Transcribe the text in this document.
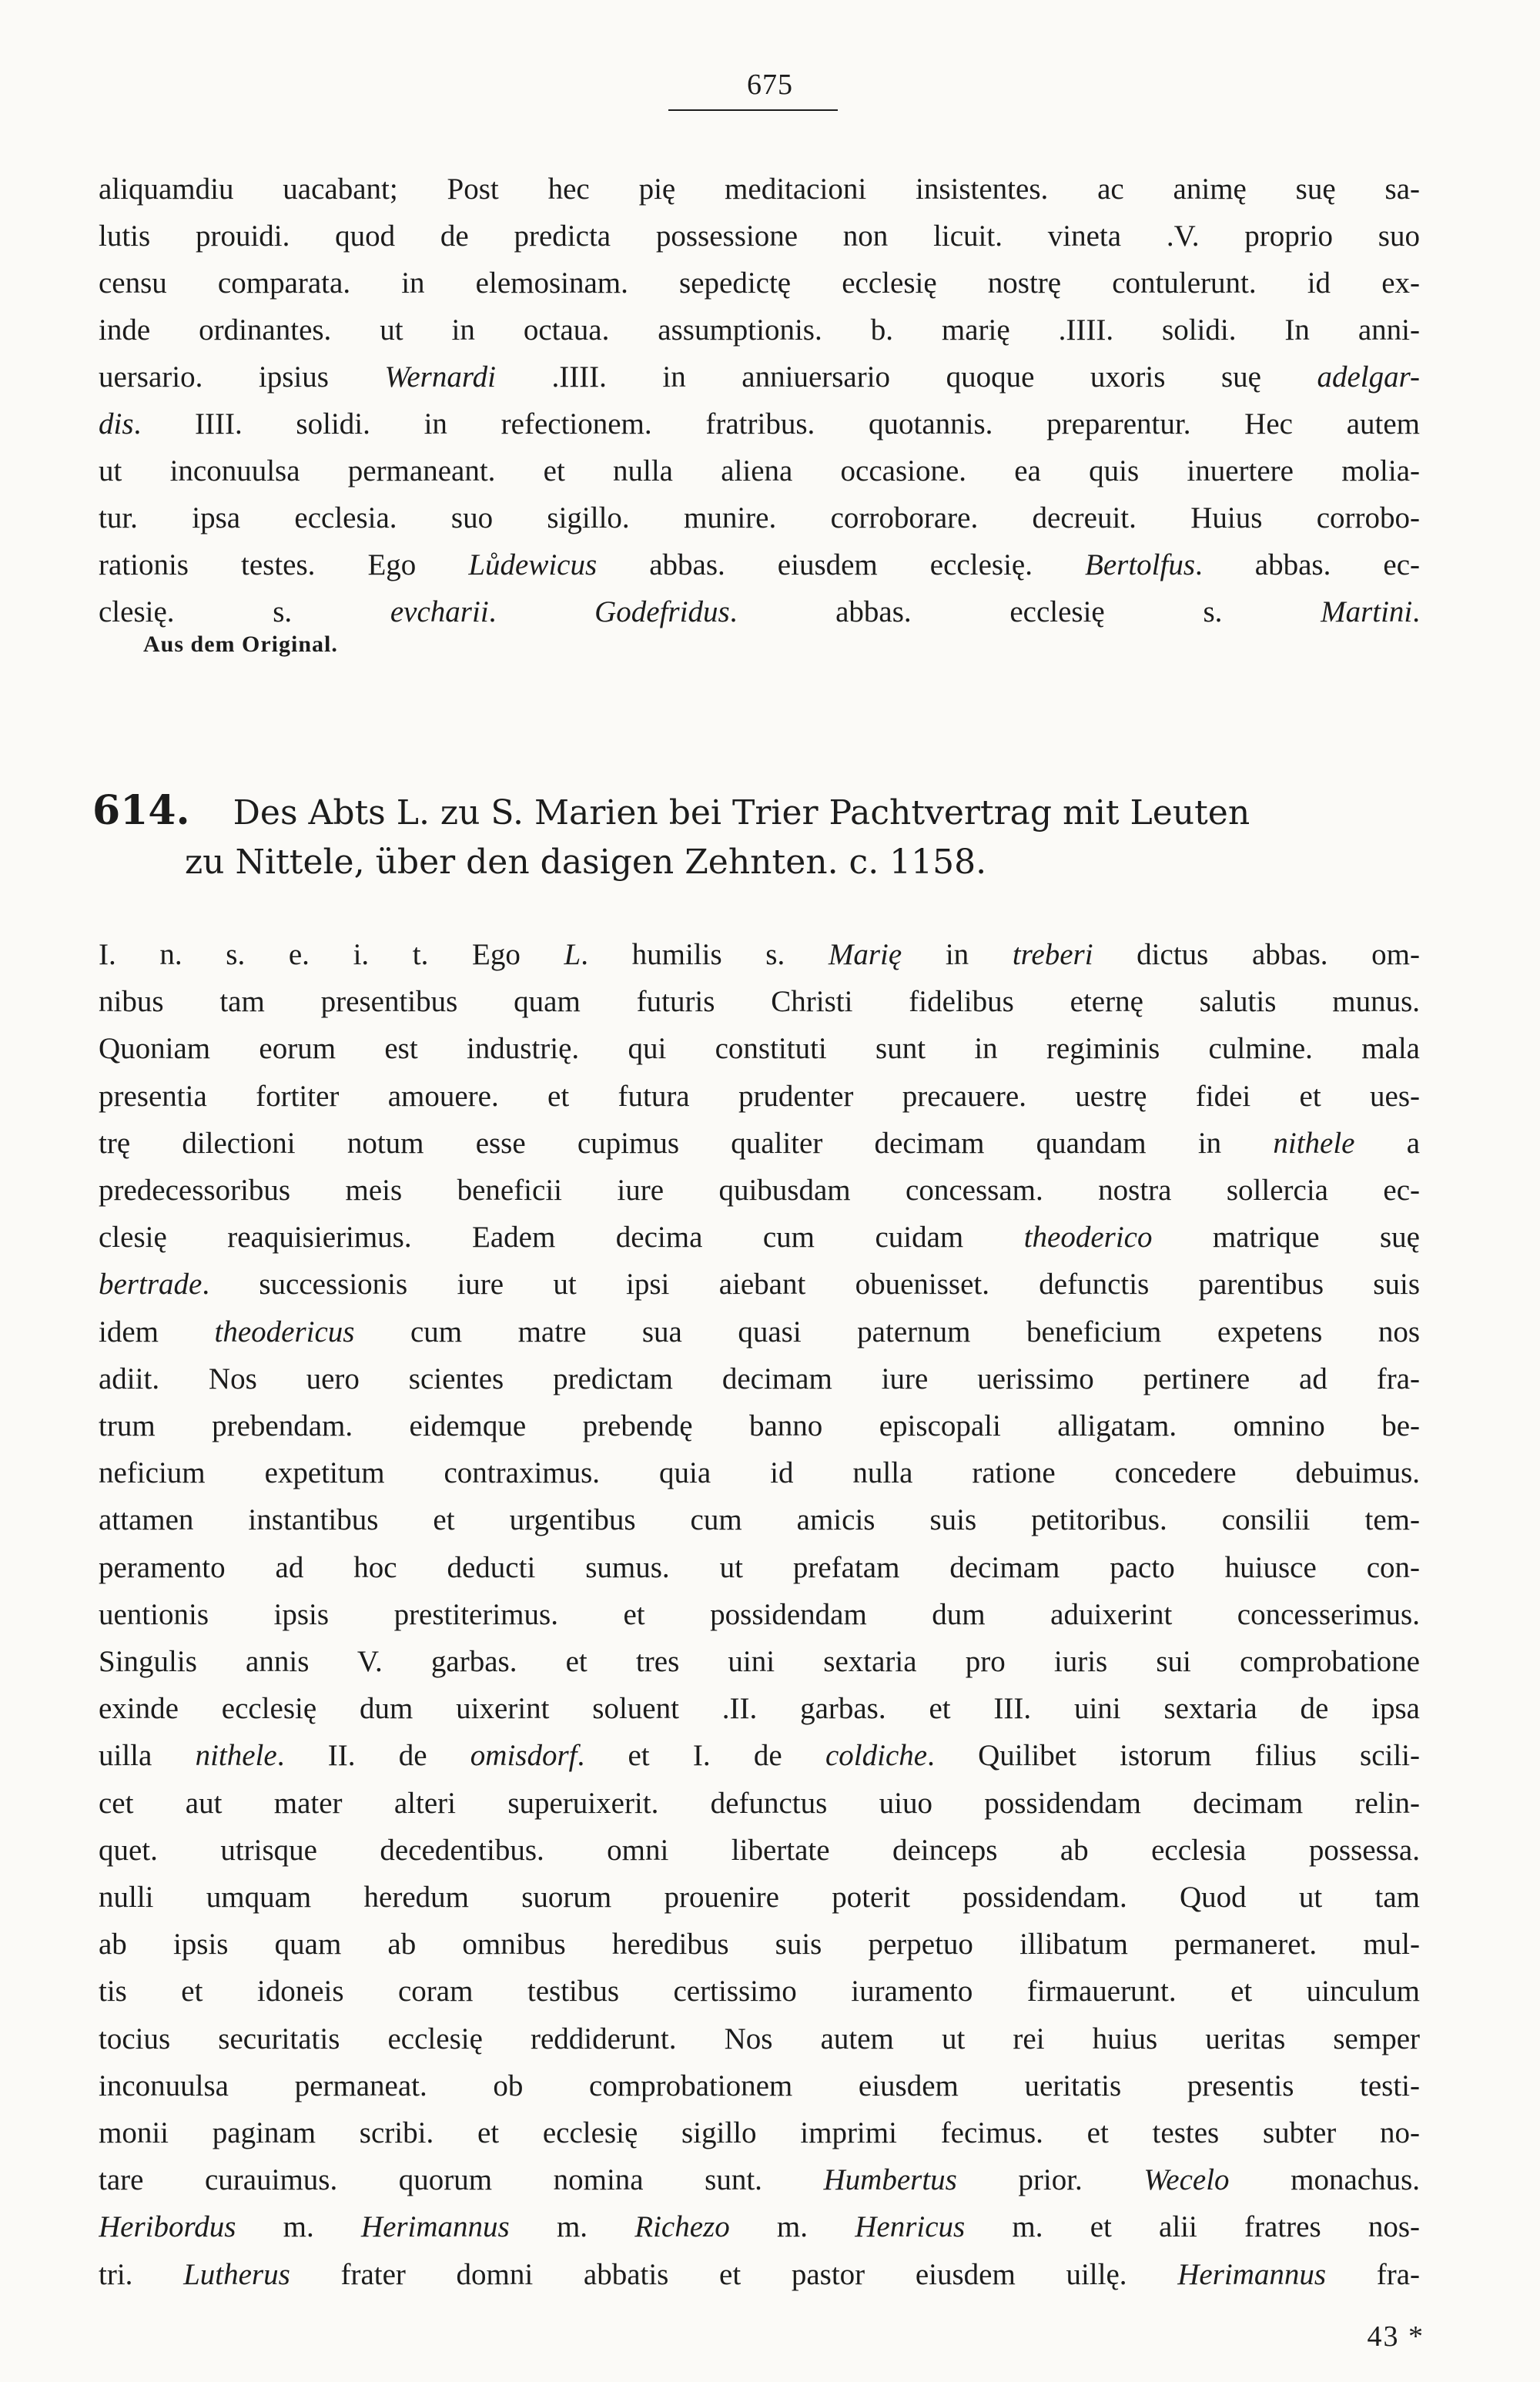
675
aliquamdiu uacabant; Post hec pię meditacioni insistentes. ac animę suę sa-
lutis prouidi. quod de predicta possessione non licuit. vineta .V. proprio suo
censu comparata. in elemosinam. sepedictę ecclesię nostrę contulerunt. id ex-
inde ordinantes. ut in octaua. assumptionis. b. marię .IIII. solidi. In anni-
uersario. ipsius Wernardi .IIII. in anniuersario quoque uxoris suę adelgar-
dis. IIII. solidi. in refectionem. fratribus. quotannis. preparentur. Hec autem
ut inconuulsa permaneant. et nulla aliena occasione. ea quis inuertere molia-
tur. ipsa ecclesia. suo sigillo. munire. corroborare. decreuit. Huius corrobo-
rationis testes. Ego Lůdewicus abbas. eiusdem ecclesię. Bertolfus. abbas. ec-
clesię. s. evcharii. Godefridus. abbas. ecclesię s. Martini.
Aus dem Original.
614. Des Abts L. zu S. Marien bei Trier Pachtvertrag mit Leuten
zu Nittele, über den dasigen Zehnten. c. 1158.
I. n. s. e. i. t. Ego L. humilis s. Marię in treberi dictus abbas. om-
nibus tam presentibus quam futuris Christi fidelibus eternę salutis munus.
Quoniam eorum est industrię. qui constituti sunt in regiminis culmine. mala
presentia fortiter amouere. et futura prudenter precauere. uestrę fidei et ues-
trę dilectioni notum esse cupimus qualiter decimam quandam in nithele a
predecessoribus meis beneficii iure quibusdam concessam. nostra sollercia ec-
clesię reaquisierimus. Eadem decima cum cuidam theoderico matrique suę
bertrade. successionis iure ut ipsi aiebant obuenisset. defunctis parentibus suis
idem theodericus cum matre sua quasi paternum beneficium expetens nos
adiit. Nos uero scientes predictam decimam iure uerissimo pertinere ad fra-
trum prebendam. eidemque prebendę banno episcopali alligatam. omnino be-
neficium expetitum contraximus. quia id nulla ratione concedere debuimus.
attamen instantibus et urgentibus cum amicis suis petitoribus. consilii tem-
peramento ad hoc deducti sumus. ut prefatam decimam pacto huiusce con-
uentionis ipsis prestiterimus. et possidendam dum aduixerint concesserimus.
Singulis annis V. garbas. et tres uini sextaria pro iuris sui comprobatione
exinde ecclesię dum uixerint soluent .II. garbas. et III. uini sextaria de ipsa
uilla nithele. II. de omisdorf. et I. de coldiche. Quilibet istorum filius scili-
cet aut mater alteri superuixerit. defunctus uiuo possidendam decimam relin-
quet. utrisque decedentibus. omni libertate deinceps ab ecclesia possessa.
nulli umquam heredum suorum prouenire poterit possidendam. Quod ut tam
ab ipsis quam ab omnibus heredibus suis perpetuo illibatum permaneret. mul-
tis et idoneis coram testibus certissimo iuramento firmauerunt. et uinculum
tocius securitatis ecclesię reddiderunt. Nos autem ut rei huius ueritas semper
inconuulsa permaneat. ob comprobationem eiusdem ueritatis presentis testi-
monii paginam scribi. et ecclesię sigillo imprimi fecimus. et testes subter no-
tare curauimus. quorum nomina sunt. Humbertus prior. Wecelo monachus.
Heribordus m. Herimannus m. Richezo m. Henricus m. et alii fratres nos-
tri. Lutherus frater domni abbatis et pastor eiusdem uillę. Herimannus fra-
43 *
